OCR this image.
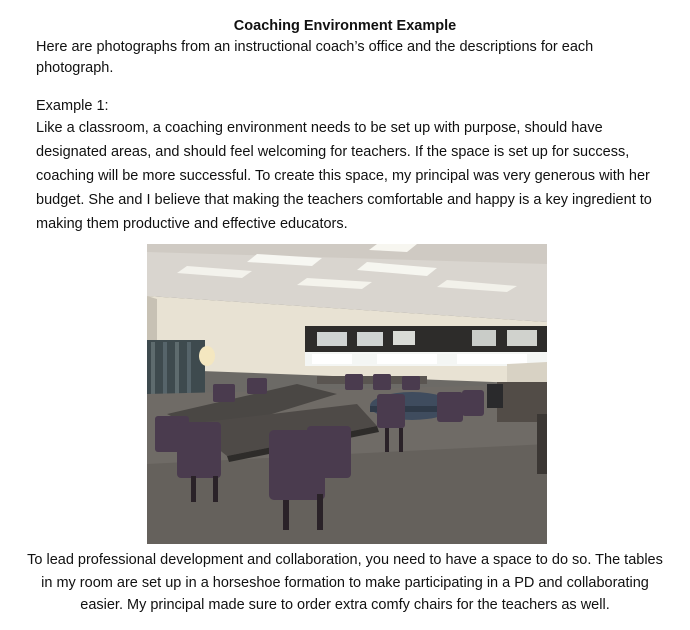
Coaching Environment Example
Here are photographs from an instructional coach’s office and the descriptions for each photograph.
Example 1:
Like a classroom, a coaching environment needs to be set up with purpose, should have designated areas, and should feel welcoming for teachers. If the space is set up for success, coaching will be more successful. To create this space, my principal was very generous with her budget. She and I believe that making the teachers comfortable and happy is a key ingredient to making them productive and effective educators.
To lead professional development and collaboration, you need to have a space to do so. The tables in my room are set up in a horseshoe formation to make participating in a PD and collaborating easier. My principal made sure to order extra comfy chairs for the teachers as well.
